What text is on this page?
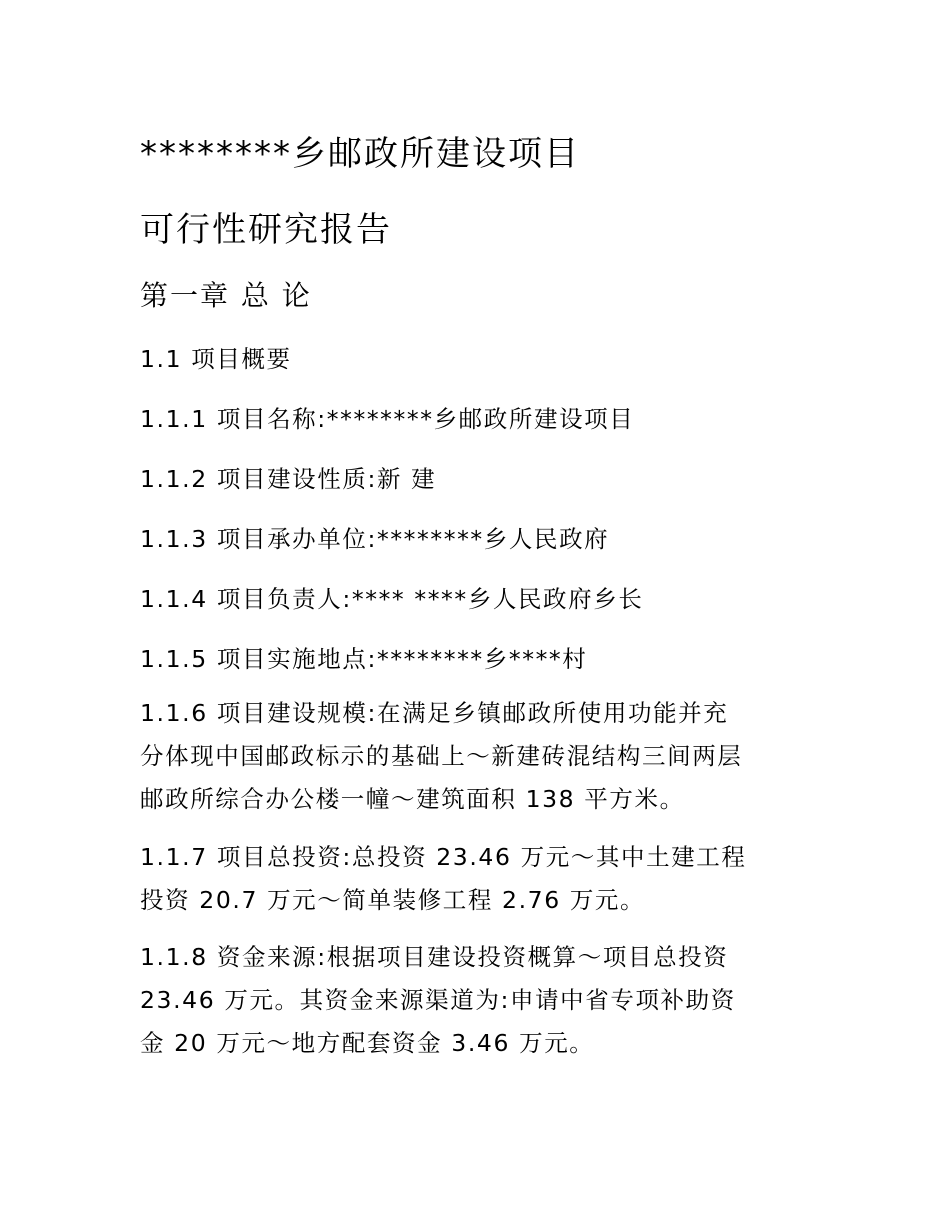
********乡邮政所建设项目
可行性研究报告
第一章 总 论
1.1 项目概要
1.1.1 项目名称:********乡邮政所建设项目
1.1.2 项目建设性质:新 建
1.1.3 项目承办单位:********乡人民政府
1.1.4 项目负责人:**** ****乡人民政府乡长
1.1.5 项目实施地点:********乡****村
1.1.6 项目建设规模:在满足乡镇邮政所使用功能并充
分体现中国邮政标示的基础上～新建砖混结构三间两层
邮政所综合办公楼一幢～建筑面积 138 平方米。
1.1.7 项目总投资:总投资 23.46 万元～其中土建工程
投资 20.7 万元～简单装修工程 2.76 万元。
1.1.8 资金来源:根据项目建设投资概算～项目总投资
23.46 万元。其资金来源渠道为:申请中省专项补助资
金 20 万元～地方配套资金 3.46 万元。
